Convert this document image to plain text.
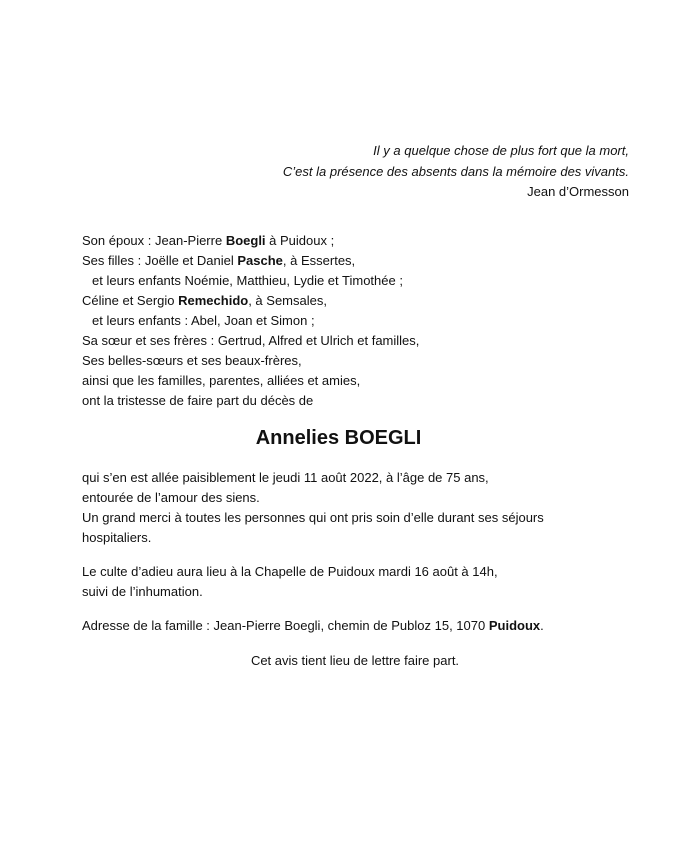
Il y a quelque chose de plus fort que la mort,
C’est la présence des absents dans la mémoire des vivants.
Jean d’Ormesson
Son époux : Jean-Pierre Boegli à Puidoux ;
Ses filles : Joëlle et Daniel Pasche, à Essertes,
et leurs enfants Noémie, Matthieu, Lydie et Timothée ;
Céline et Sergio Remechido, à Semsales,
et leurs enfants : Abel, Joan et Simon ;
Sa sœur et ses frères : Gertrud, Alfred et Ulrich et familles,
Ses belles-sœurs et ses beaux-frères,
ainsi que les familles, parentes, alliées et amies,
ont la tristesse de faire part du décès de
Annelies BOEGLI
qui s’en est allée paisiblement le jeudi 11 août 2022, à l’âge de 75 ans,
entourée de l’amour des siens.
Un grand merci à toutes les personnes qui ont pris soin d’elle durant ses séjours
hospitaliers.
Le culte d’adieu aura lieu à la Chapelle de Puidoux mardi 16 août à 14h,
suivi de l’inhumation.
Adresse de la famille : Jean-Pierre Boegli, chemin de Publoz 15, 1070 Puidoux.
Cet avis tient lieu de lettre faire part.
